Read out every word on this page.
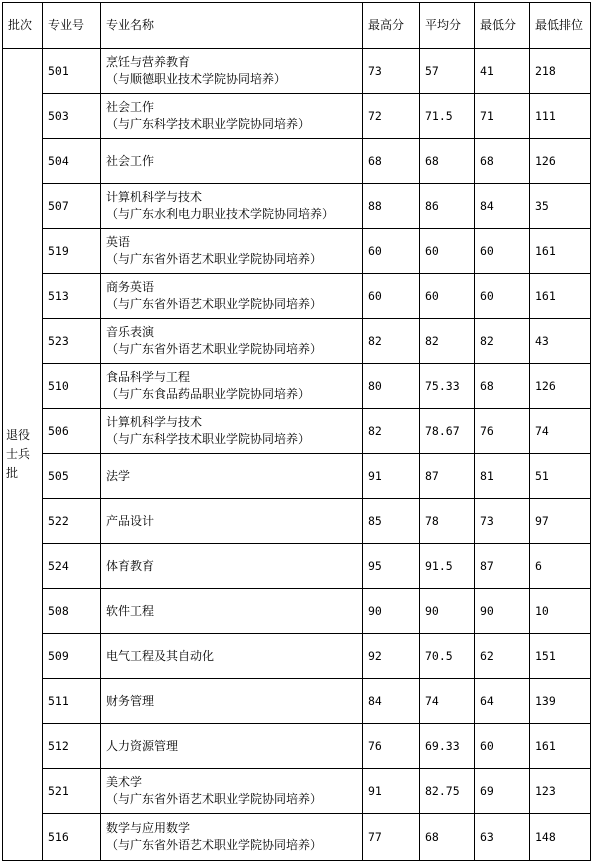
批次	专业号	专业名称	最高分	平均分	最低分	最低排位
退役士兵批	501	烹饪与营养教育
（与顺德职业技术学院协同培养）	73	57	41	218
	503	社会工作
（与广东科学技术职业学院协同培养）	72	71.5	71	111
	504	社会工作	68	68	68	126
	507	计算机科学与技术
（与广东水利电力职业技术学院协同培养）	88	86	84	35
	519	英语
（与广东省外语艺术职业学院协同培养）	60	60	60	161
	513	商务英语
（与广东省外语艺术职业学院协同培养）	60	60	60	161
	523	音乐表演
（与广东省外语艺术职业学院协同培养）	82	82	82	43
	510	食品科学与工程
（与广东食品药品职业学院协同培养）	80	75.33	68	126
	506	计算机科学与技术
（与广东科学技术职业学院协同培养）	82	78.67	76	74
	505	法学	91	87	81	51
	522	产品设计	85	78	73	97
	524	体育教育	95	91.5	87	6
	508	软件工程	90	90	90	10
	509	电气工程及其自动化	92	70.5	62	151
	511	财务管理	84	74	64	139
	512	人力资源管理	76	69.33	60	161
	521	美术学
（与广东省外语艺术职业学院协同培养）	91	82.75	69	123
	516	数学与应用数学
（与广东省外语艺术职业学院协同培养）	77	68	63	148
